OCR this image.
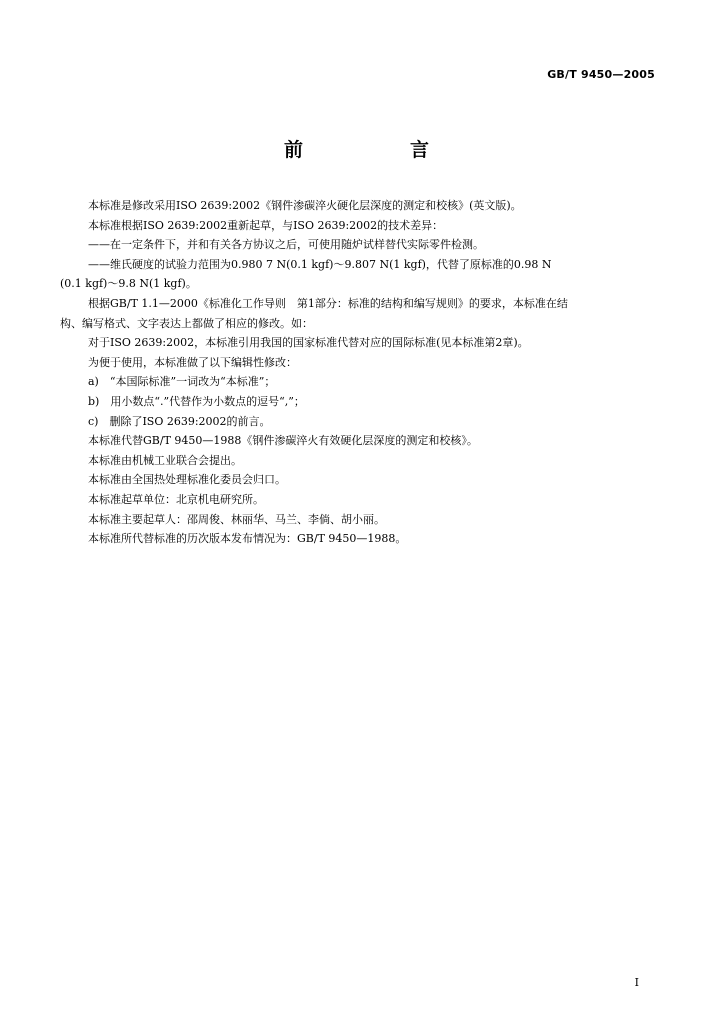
GB/T 9450—2005
前　言
本标准是修改采用ISO 2639:2002《钢件渗碳淬火硬化层深度的测定和校核》(英文版)。
本标准根据ISO 2639:2002重新起草，与ISO 2639:2002的技术差异：
——在一定条件下，并和有关各方协议之后，可使用随炉试样替代实际零件检测。
——维氏硬度的试验力范围为0.980 7 N(0.1 kgf)～9.807 N(1 kgf)，代替了原标准的0.98 N
(0.1 kgf)～9.8 N(1 kgf)。
根据GB/T 1.1—2000《标准化工作导则　第1部分：标准的结构和编写规则》的要求，本标准在结
构、编写格式、文字表达上都做了相应的修改。如：
对于ISO 2639:2002，本标准引用我国的国家标准代替对应的国际标准(见本标准第2章)。
为便于使用，本标准做了以下编辑性修改：
a)　“本国际标准”一词改为“本标准”；
b)　用小数点“.”代替作为小数点的逗号“,”；
c)　删除了ISO 2639:2002的前言。
本标准代替GB/T 9450—1988《钢件渗碳淬火有效硬化层深度的测定和校核》。
本标准由机械工业联合会提出。
本标准由全国热处理标准化委员会归口。
本标准起草单位：北京机电研究所。
本标准主要起草人：邵周俊、林丽华、马兰、李倘、胡小丽。
本标准所代替标准的历次版本发布情况为：GB/T 9450—1988。
I
